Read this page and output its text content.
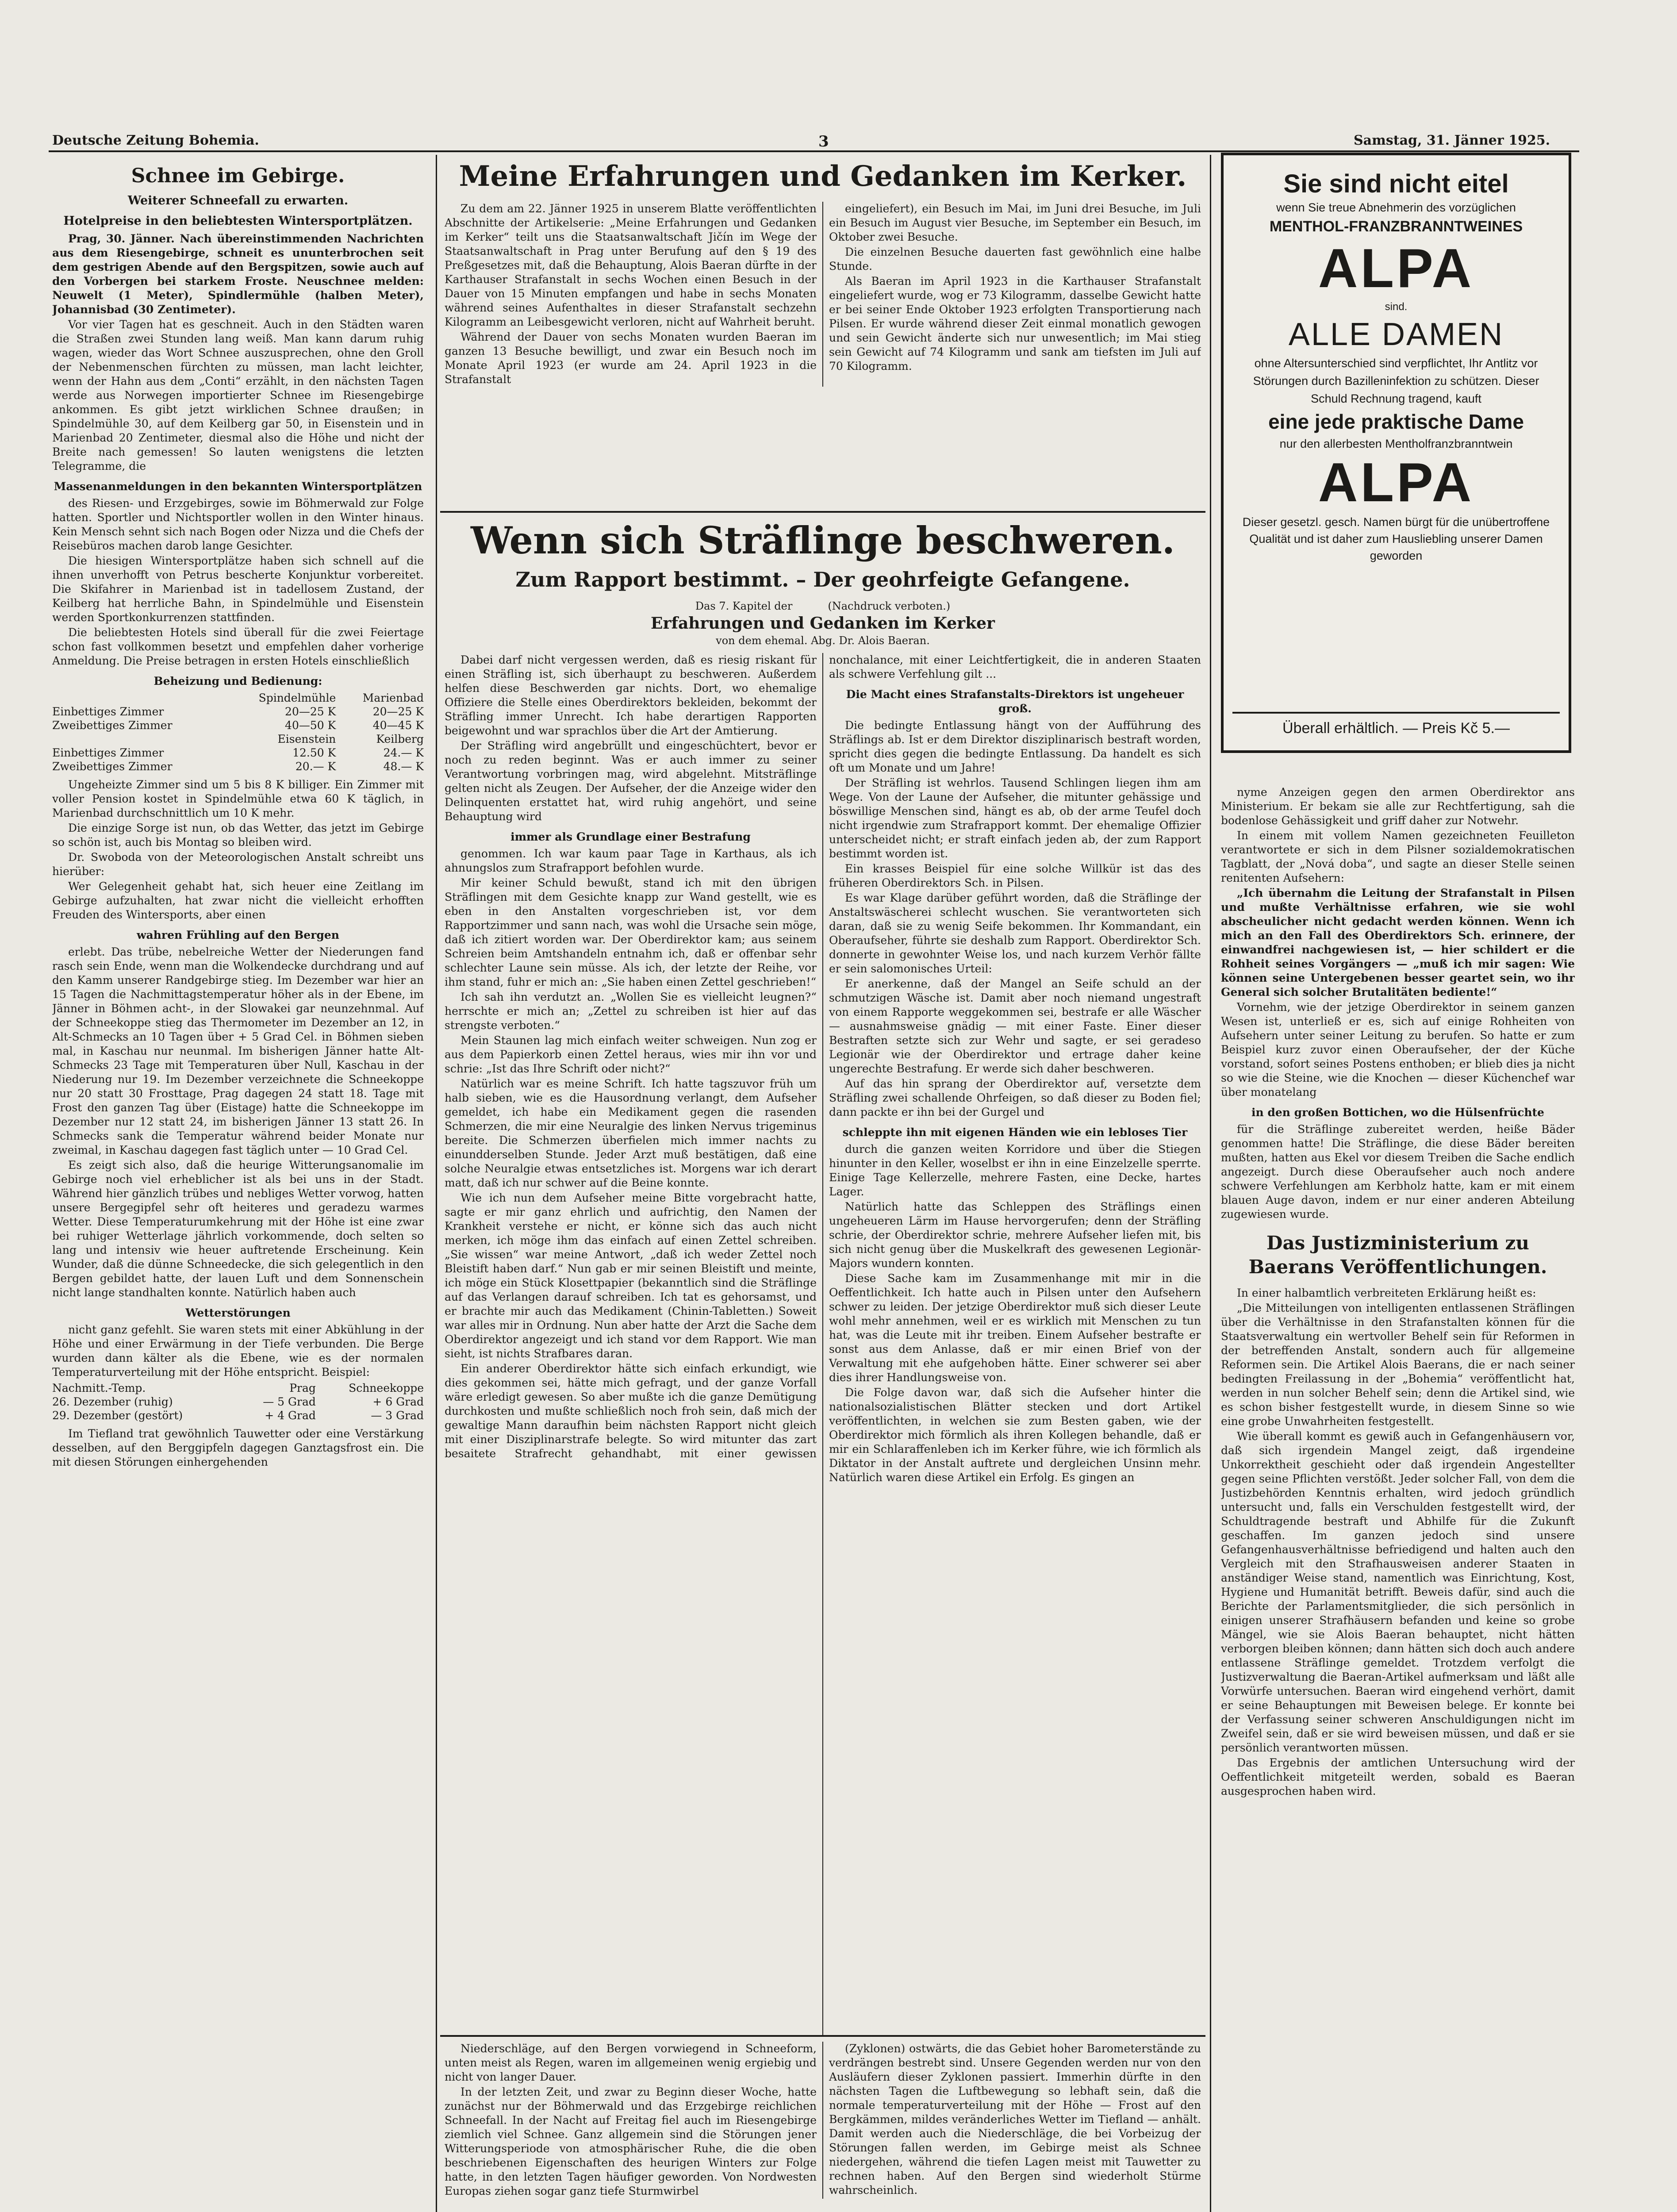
Deutsche Zeitung Bohemia.	3	Samstag, 31. Jänner 1925.
Schnee im Gebirge.
Weiterer Schneefall zu erwarten.
Hotelpreise in den beliebtesten Wintersportplätzen.

Prag, 30. Jänner. Nach übereinstimmenden Nachrichten aus dem Riesengebirge, schneit es ununterbrochen seit dem gestrigen Abende auf den Bergspitzen, sowie auch auf den Vorbergen bei starkem Froste. Neuschnee melden: Neuwelt (1 Meter), Spindlermühle (halben Meter), Johannisbad (30 Zentimeter).

Vor vier Tagen hat es geschneit. Auch in den Städten waren die Straßen zwei Stunden lang weiß. Man kann darum ruhig wagen, wieder das Wort Schnee auszusprechen, ohne den Groll der Nebenmenschen fürchten zu müssen, man lacht leichter, wenn der Hahn aus dem „Conti“ erzählt, in den nächsten Tagen werde aus Norwegen importierter Schnee im Riesengebirge ankommen. Es gibt jetzt wirklichen Schnee draußen; in Spindelmühle 30, auf dem Keilberg gar 50, in Eisenstein und in Marienbad 20 Zentimeter, diesmal also die Höhe und nicht der Breite nach gemessen! So lauten wenigstens die letzten Telegramme, die

Massenanmeldungen in den bekannten Wintersportplätzen

des Riesen- und Erzgebirges, sowie im Böhmerwald zur Folge hatten. Sportler und Nichtsportler wollen in den Winter hinaus. Kein Mensch sehnt sich nach Bogen oder Nizza und die Chefs der Reisebüros machen darob lange Gesichter.

Die hiesigen Wintersportplätze haben sich schnell auf die ihnen unverhofft von Petrus bescherte Konjunktur vorbereitet. Die Skifahrer in Marienbad ist in tadellosem Zustand, der Keilberg hat herrliche Bahn, in Spindelmühle und Eisenstein werden Sportkonkurrenzen stattfinden.

Die beliebtesten Hotels sind überall für die zwei Feiertage schon fast vollkommen besetzt und empfehlen daher vorherige Anmeldung. Die Preise betragen in ersten Hotels einschließlich

Beheizung und Bedienung:
	Spindelmühle	Marienbad
Einbettiges Zimmer	20—25 K	20—25 K
Zweibettiges Zimmer	40—50 K	40—45 K
	Eisenstein	Keilberg
Einbettiges Zimmer	12.50 K	24.— K
Zweibettiges Zimmer	20.— K	48.— K

Ungeheizte Zimmer sind um 5 bis 8 K billiger. Ein Zimmer mit voller Pension kostet in Spindelmühle etwa 60 K täglich, in Marienbad durchschnittlich um 10 K mehr.

Die einzige Sorge ist nun, ob das Wetter, das jetzt im Gebirge so schön ist, auch bis Montag so bleiben wird.

Dr. Swoboda von der Meteorologischen Anstalt schreibt uns hierüber:

Wer Gelegenheit gehabt hat, sich heuer eine Zeitlang im Gebirge aufzuhalten, hat zwar nicht die vielleicht erhofften Freuden des Wintersports, aber einen

wahren Frühling auf den Bergen

erlebt. Das trübe, nebelreiche Wetter der Niederungen fand rasch sein Ende, wenn man die Wolkendecke durchdrang und auf den Kamm unserer Randgebirge stieg. Im Dezember war hier an 15 Tagen die Nachmittagstemperatur höher als in der Ebene, im Jänner in Böhmen acht-, in der Slowakei gar neunzehnmal. Auf der Schneekoppe stieg das Thermometer im Dezember an 12, in Alt-Schmecks an 10 Tagen über + 5 Grad Cel. in Böhmen sieben mal, in Kaschau nur neunmal. Im bisherigen Jänner hatte Alt-Schmecks 23 Tage mit Temperaturen über Null, Kaschau in der Niederung nur 19. Im Dezember verzeichnete die Schneekoppe nur 20 statt 30 Frosttage, Prag dagegen 24 statt 18. Tage mit Frost den ganzen Tag über (Eistage) hatte die Schneekoppe im Dezember nur 12 statt 24, im bisherigen Jänner 13 statt 26. In Schmecks sank die Temperatur während beider Monate nur zweimal, in Kaschau dagegen fast täglich unter — 10 Grad Cel.

Es zeigt sich also, daß die heurige Witterungsanomalie im Gebirge noch viel erheblicher ist als bei uns in der Stadt. Während hier gänzlich trübes und nebliges Wetter vorwog, hatten unsere Bergegipfel sehr oft heiteres und geradezu warmes Wetter. Diese Temperaturumkehrung mit der Höhe ist eine zwar bei ruhiger Wetterlage jährlich vorkommende, doch selten so lang und intensiv wie heuer auftretende Erscheinung. Kein Wunder, daß die dünne Schneedecke, die sich gelegentlich in den Bergen gebildet hatte, der lauen Luft und dem Sonnenschein nicht lange standhalten konnte. Natürlich haben auch

Wetterstörungen

nicht ganz gefehlt. Sie waren stets mit einer Abkühlung in der Höhe und einer Erwärmung in der Tiefe verbunden. Die Berge wurden dann kälter als die Ebene, wie es der normalen Temperaturverteilung mit der Höhe entspricht. Beispiel:

Nachmitt.-Temp.	Prag	Schneekoppe
26. Dezember (ruhig)	— 5 Grad	+ 6 Grad
29. Dezember (gestört)	+ 4 Grad	— 3 Grad

Im Tiefland trat gewöhnlich Tauwetter oder eine Verstärkung desselben, auf den Berggipfeln dagegen Ganztagsfrost ein. Die mit diesen Störungen einhergehenden

Meine Erfahrungen und Gedanken im Kerker.

Zu dem am 22. Jänner 1925 in unserem Blatte veröffentlichten Abschnitte der Artikelserie: „Meine Erfahrungen und Gedanken im Kerker“ teilt uns die Staatsanwaltschaft Jičín im Wege der Staatsanwaltschaft in Prag unter Berufung auf den § 19 des Preßgesetzes mit, daß die Behauptung, Alois Baeran dürfte in der Karthauser Strafanstalt in sechs Wochen einen Besuch in der Dauer von 15 Minuten empfangen und habe in sechs Monaten während seines Aufenthaltes in dieser Strafanstalt sechzehn Kilogramm an Leibesgewicht verloren, nicht auf Wahrheit beruht.

Während der Dauer von sechs Monaten wurden Baeran im ganzen 13 Besuche bewilligt, und zwar ein Besuch noch im Monate April 1923 (er wurde am 24. April 1923 in die Strafanstalt

eingeliefert), ein Besuch im Mai, im Juni drei Besuche, im Juli ein Besuch im August vier Besuche, im September ein Besuch, im Oktober zwei Besuche.

Die einzelnen Besuche dauerten fast gewöhnlich eine halbe Stunde.

Als Baeran im April 1923 in die Karthauser Strafanstalt eingeliefert wurde, wog er 73 Kilogramm, dasselbe Gewicht hatte er bei seiner Ende Oktober 1923 erfolgten Transportierung nach Pilsen. Er wurde während dieser Zeit einmal monatlich gewogen und sein Gewicht änderte sich nur unwesentlich; im Mai stieg sein Gewicht auf 74 Kilogramm und sank am tiefsten im Juli auf 70 Kilogramm.

Wenn sich Sträflinge beschweren.
Zum Rapport bestimmt. – Der geohrfeigte Gefangene.
Das 7. Kapitel der	(Nachdruck verboten.)
Erfahrungen und Gedanken im Kerker
von dem ehemal. Abg. Dr. Alois Baeran.

Dabei darf nicht vergessen werden, daß es riesig riskant für einen Sträfling ist, sich überhaupt zu beschweren. Außerdem helfen diese Beschwerden gar nichts. Dort, wo ehemalige Offiziere die Stelle eines Oberdirektors bekleiden, bekommt der Sträfling immer Unrecht. Ich habe derartigen Rapporten beigewohnt und war sprachlos über die Art der Amtierung.

Der Sträfling wird angebrüllt und eingeschüchtert, bevor er noch zu reden beginnt. Was er auch immer zu seiner Verantwortung vorbringen mag, wird abgelehnt. Mitsträflinge gelten nicht als Zeugen. Der Aufseher, der die Anzeige wider den Delinquenten erstattet hat, wird ruhig angehört, und seine Behauptung wird

immer als Grundlage einer Bestrafung

genommen. Ich war kaum paar Tage in Karthaus, als ich ahnungslos zum Strafrapport befohlen wurde.

Mir keiner Schuld bewußt, stand ich mit den übrigen Sträflingen mit dem Gesichte knapp zur Wand gestellt, wie es eben in den Anstalten vorgeschrieben ist, vor dem Rapportzimmer und sann nach, was wohl die Ursache sein möge, daß ich zitiert worden war. Der Oberdirektor kam; aus seinem Schreien beim Amtshandeln entnahm ich, daß er offenbar sehr schlechter Laune sein müsse. Als ich, der letzte der Reihe, vor ihm stand, fuhr er mich an: „Sie haben einen Zettel geschrieben!“

Ich sah ihn verdutzt an. „Wollen Sie es vielleicht leugnen?“ herrschte er mich an; „Zettel zu schreiben ist hier auf das strengste verboten.“

Mein Staunen lag mich einfach weiter schweigen. Nun zog er aus dem Papierkorb einen Zettel heraus, wies mir ihn vor und schrie: „Ist das Ihre Schrift oder nicht?“

Natürlich war es meine Schrift. Ich hatte tagszuvor früh um halb sieben, wie es die Hausordnung verlangt, dem Aufseher gemeldet, ich habe ein Medikament gegen die rasenden Schmerzen, die mir eine Neuralgie des linken Nervus trigeminus bereite. Die Schmerzen überfielen mich immer nachts zu einundderselben Stunde. Jeder Arzt muß bestätigen, daß eine solche Neuralgie etwas entsetzliches ist. Morgens war ich derart matt, daß ich nur schwer auf die Beine konnte.

Wie ich nun dem Aufseher meine Bitte vorgebracht hatte, sagte er mir ganz ehrlich und aufrichtig, den Namen der Krankheit verstehe er nicht, er könne sich das auch nicht merken, ich möge ihm das einfach auf einen Zettel schreiben. „Sie wissen“ war meine Antwort, „daß ich weder Zettel noch Bleistift haben darf.“ Nun gab er mir seinen Bleistift und meinte, ich möge ein Stück Klosettpapier (bekanntlich sind die Sträflinge auf das Verlangen darauf schreiben. Ich tat es gehorsamst, und er brachte mir auch das Medikament (Chinin-Tabletten.) Soweit war alles mir in Ordnung. Nun aber hatte der Arzt die Sache dem Oberdirektor angezeigt und ich stand vor dem Rapport. Wie man sieht, ist nichts Strafbares daran.

Ein anderer Oberdirektor hätte sich einfach erkundigt, wie dies gekommen sei, hätte mich gefragt, und der ganze Vorfall wäre erledigt gewesen. So aber mußte ich die ganze Demütigung durchkosten und mußte schließlich noch froh sein, daß mich der gewaltige Mann daraufhin beim nächsten Rapport nicht gleich mit einer Disziplinarstrafe belegte. So wird mitunter das zart besaitete Strafrecht gehandhabt, mit einer gewissen nonchalance, mit einer Leichtfertigkeit, die in anderen Staaten als schwere Verfehlung gilt ...

Die Macht eines Strafanstalts-Direktors ist ungeheuer groß.

Die bedingte Entlassung hängt von der Aufführung des Sträflings ab. Ist er dem Direktor disziplinarisch bestraft worden, spricht dies gegen die bedingte Entlassung. Da handelt es sich oft um Monate und um Jahre!

Der Sträfling ist wehrlos. Tausend Schlingen liegen ihm am Wege. Von der Laune der Aufseher, die mitunter gehässige und böswillige Menschen sind, hängt es ab, ob der arme Teufel doch nicht irgendwie zum Strafrapport kommt. Der ehemalige Offizier unterscheidet nicht; er straft einfach jeden ab, der zum Rapport bestimmt worden ist.

Ein krasses Beispiel für eine solche Willkür ist das des früheren Oberdirektors Sch. in Pilsen.

Es war Klage darüber geführt worden, daß die Sträflinge der Anstaltswäscherei schlecht wuschen. Sie verantworteten sich daran, daß sie zu wenig Seife bekommen. Ihr Kommandant, ein Oberaufseher, führte sie deshalb zum Rapport. Oberdirektor Sch. donnerte in gewohnter Weise los, und nach kurzem Verhör fällte er sein salomonisches Urteil:

Er anerkenne, daß der Mangel an Seife schuld an der schmutzigen Wäsche ist. Damit aber noch niemand ungestraft von einem Rapporte weggekommen sei, bestrafe er alle Wäscher — ausnahmsweise gnädig — mit einer Faste. Einer dieser Bestraften setzte sich zur Wehr und sagte, er sei geradeso Legionär wie der Oberdirektor und ertrage daher keine ungerechte Bestrafung. Er werde sich daher beschweren.

Auf das hin sprang der Oberdirektor auf, versetzte dem Sträfling zwei schallende Ohrfeigen, so daß dieser zu Boden fiel; dann packte er ihn bei der Gurgel und

schleppte ihn mit eigenen Händen wie ein lebloses Tier

durch die ganzen weiten Korridore und über die Stiegen hinunter in den Keller, woselbst er ihn in eine Einzelzelle sperrte. Einige Tage Kellerzelle, mehrere Fasten, eine Decke, hartes Lager.

Natürlich hatte das Schleppen des Sträflings einen ungeheueren Lärm im Hause hervorgerufen; denn der Sträfling schrie, der Oberdirektor schrie, mehrere Aufseher liefen mit, bis sich nicht genug über die Muskelkraft des gewesenen Legionär-Majors wundern konnten.

Diese Sache kam im Zusammenhange mit mir in die Oeffentlichkeit. Ich hatte auch in Pilsen unter den Aufsehern schwer zu leiden. Der jetzige Oberdirektor muß sich dieser Leute wohl mehr annehmen, weil er es wirklich mit Menschen zu tun hat, was die Leute mit ihr treiben. Einem Aufseher bestrafte er sonst aus dem Anlasse, daß er mir einen Brief von der Verwaltung mit ehe aufgehoben hätte. Einer schwerer sei aber dies ihrer Handlungsweise von.

Die Folge davon war, daß sich die Aufseher hinter die nationalsozialistischen Blätter stecken und dort Artikel veröffentlichten, in welchen sie zum Besten gaben, wie der Oberdirektor mich förmlich als ihren Kollegen behandle, daß er mir ein Schlaraffenleben ich im Kerker führe, wie ich förmlich als Diktator in der Anstalt auftrete und dergleichen Unsinn mehr. Natürlich waren diese Artikel ein Erfolg. Es gingen an

Niederschläge, auf den Bergen vorwiegend in Schneeform, unten meist als Regen, waren im allgemeinen wenig ergiebig und nicht von langer Dauer.

In der letzten Zeit, und zwar zu Beginn dieser Woche, hatte zunächst nur der Böhmerwald und das Erzgebirge reichlichen Schneefall. In der Nacht auf Freitag fiel auch im Riesengebirge ziemlich viel Schnee. Ganz allgemein sind die Störungen jener Witterungsperiode von atmosphärischer Ruhe, die die oben beschriebenen Eigenschaften des heurigen Winters zur Folge hatte, in den letzten Tagen häufiger geworden. Von Nordwesten Europas ziehen sogar ganz tiefe Sturmwirbel

(Zyklonen) ostwärts, die das Gebiet hoher Barometerstände zu verdrängen bestrebt sind. Unsere Gegenden werden nur von den Ausläufern dieser Zyklonen passiert. Immerhin dürfte in den nächsten Tagen die Luftbewegung so lebhaft sein, daß die normale temperaturverteilung mit der Höhe — Frost auf den Bergkämmen, mildes veränderliches Wetter im Tiefland — anhält. Damit werden auch die Niederschläge, die bei Vorbeizug der Störungen fallen werden, im Gebirge meist als Schnee niedergehen, während die tiefen Lagen meist mit Tauwetter zu rechnen haben. Auf den Bergen sind wiederholt Stürme wahrscheinlich.

Sie sind nicht eitel
wenn Sie treue Abnehmerin des vorzüglichen
MENTHOL-FRANZBRANNTWEINES
ALPA
sind.
ALLE DAMEN
ohne Altersunterschied sind verpflichtet, Ihr Antlitz vor Störungen durch Bazilleninfektion zu schützen. Dieser Schuld Rechnung tragend, kauft
eine jede praktische Dame
nur den allerbesten Mentholfranzbranntwein
ALPA
Dieser gesetzl. gesch. Namen bürgt für die unübertroffene Qualität und ist daher zum Hausliebling unserer Damen geworden
Überall erhältlich. — Preis Kč 5.—

nyme Anzeigen gegen den armen Oberdirektor ans Ministerium. Er bekam sie alle zur Rechtfertigung, sah die bodenlose Gehässigkeit und griff daher zur Notwehr.

In einem mit vollem Namen gezeichneten Feuilleton verantwortete er sich in dem Pilsner sozialdemokratischen Tagblatt, der „Nová doba“, und sagte an dieser Stelle seinen renitenten Aufsehern:

„Ich übernahm die Leitung der Strafanstalt in Pilsen und mußte Verhältnisse erfahren, wie sie wohl abscheulicher nicht gedacht werden können. Wenn ich mich an den Fall des Oberdirektors Sch. erinnere, der einwandfrei nachgewiesen ist, — hier schildert er die Rohheit seines Vorgängers — „muß ich mir sagen: Wie können seine Untergebenen besser geartet sein, wo ihr General sich solcher Brutalitäten bediente!“

Vornehm, wie der jetzige Oberdirektor in seinem ganzen Wesen ist, unterließ er es, sich auf einige Rohheiten von Aufsehern unter seiner Leitung zu berufen. So hatte er zum Beispiel kurz zuvor einen Oberaufseher, der der Küche vorstand, sofort seines Postens enthoben; er blieb dies ja nicht so wie die Steine, wie die Knochen — dieser Küchenchef war über monatelang

in den großen Bottichen, wo die Hülsenfrüchte

für die Sträflinge zubereitet werden, heiße Bäder genommen hatte! Die Sträflinge, die diese Bäder bereiten mußten, hatten aus Ekel vor diesem Treiben die Sache endlich angezeigt. Durch diese Oberaufseher auch noch andere schwere Verfehlungen am Kerbholz hatte, kam er mit einem blauen Auge davon, indem er nur einer anderen Abteilung zugewiesen wurde.

Das Justizministerium zu Baerans Veröffentlichungen.

In einer halbamtlich verbreiteten Erklärung heißt es:

„Die Mitteilungen von intelligenten entlassenen Sträflingen über die Verhältnisse in den Strafanstalten können für die Staatsverwaltung ein wertvoller Behelf sein für Reformen in der betreffenden Anstalt, sondern auch für allgemeine Reformen sein. Die Artikel Alois Baerans, die er nach seiner bedingten Freilassung in der „Bohemia“ veröffentlicht hat, werden in nun solcher Behelf sein; denn die Artikel sind, wie es schon bisher festgestellt wurde, in diesem Sinne so wie eine grobe Unwahrheiten festgestellt.

Wie überall kommt es gewiß auch in Gefangenhäusern vor, daß sich irgendein Mangel zeigt, daß irgendeine Unkorrektheit geschieht oder daß irgendein Angestellter gegen seine Pflichten verstößt. Jeder solcher Fall, von dem die Justizbehörden Kenntnis erhalten, wird jedoch gründlich untersucht und, falls ein Verschulden festgestellt wird, der Schuldtragende bestraft und Abhilfe für die Zukunft geschaffen. Im ganzen jedoch sind unsere Gefangenhausverhältnisse befriedigend und halten auch den Vergleich mit den Strafhausweisen anderer Staaten in anständiger Weise stand, namentlich was Einrichtung, Kost, Hygiene und Humanität betrifft. Beweis dafür, sind auch die Berichte der Parlamentsmitglieder, die sich persönlich in einigen unserer Strafhäusern befanden und keine so grobe Mängel, wie sie Alois Baeran behauptet, nicht hätten verborgen bleiben können; dann hätten sich doch auch andere entlassene Sträflinge gemeldet. Trotzdem verfolgt die Justizverwaltung die Baeran-Artikel aufmerksam und läßt alle Vorwürfe untersuchen. Baeran wird eingehend verhört, damit er seine Behauptungen mit Beweisen belege. Er konnte bei der Verfassung seiner schweren Anschuldigungen nicht im Zweifel sein, daß er sie wird beweisen müssen, und daß er sie persönlich verantworten müssen.

Das Ergebnis der amtlichen Untersuchung wird der Oeffentlichkeit mitgeteilt werden, sobald es Baeran ausgesprochen haben wird.
